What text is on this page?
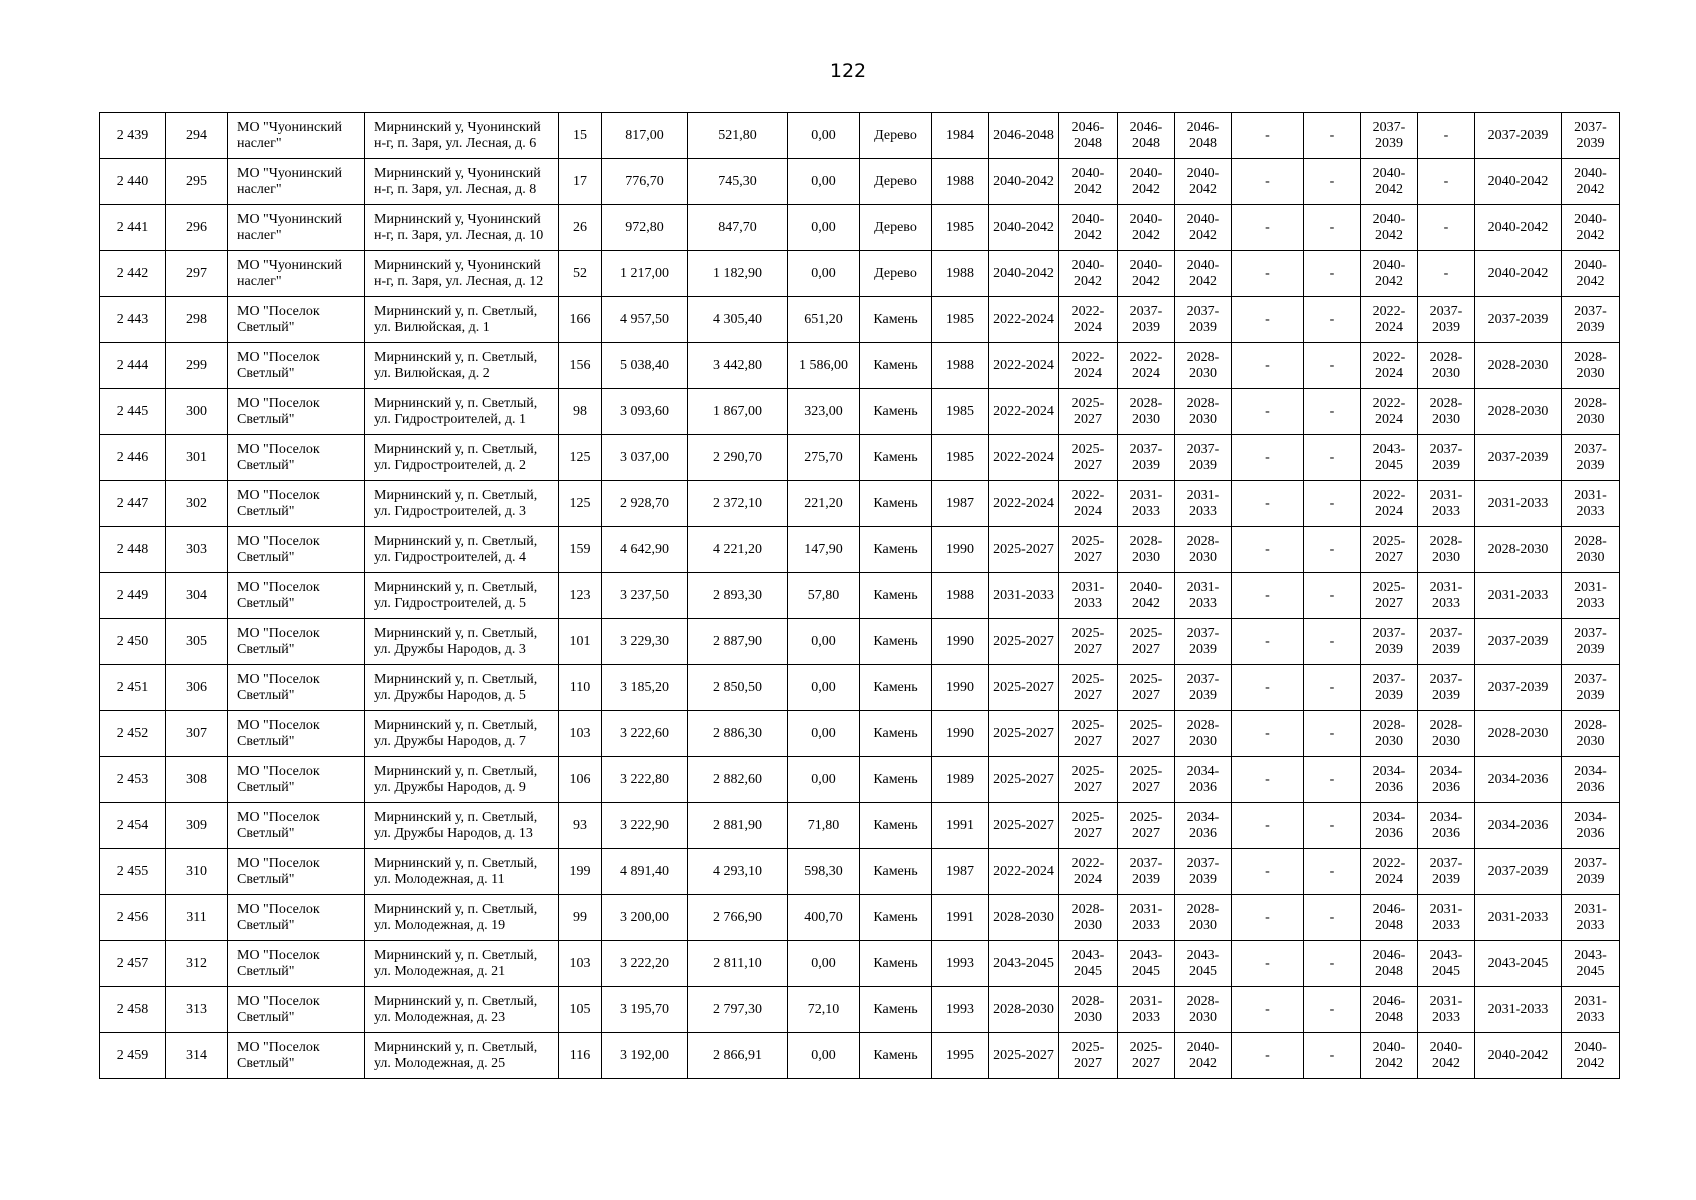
122
2 439	294	МО "Чуонинский наслег"	Мирнинский у, Чуонинский н-г, п. Заря, ул. Лесная, д. 6	15	817,00	521,80	0,00	Дерево	1984	2046-2048	2046-2048	2046-2048	2046-2048	-	-	2037-2039	-	2037-2039	2037-2039
2 440	295	МО "Чуонинский наслег"	Мирнинский у, Чуонинский н-г, п. Заря, ул. Лесная, д. 8	17	776,70	745,30	0,00	Дерево	1988	2040-2042	2040-2042	2040-2042	2040-2042	-	-	2040-2042	-	2040-2042	2040-2042
2 441	296	МО "Чуонинский наслег"	Мирнинский у, Чуонинский н-г, п. Заря, ул. Лесная, д. 10	26	972,80	847,70	0,00	Дерево	1985	2040-2042	2040-2042	2040-2042	2040-2042	-	-	2040-2042	-	2040-2042	2040-2042
2 442	297	МО "Чуонинский наслег"	Мирнинский у, Чуонинский н-г, п. Заря, ул. Лесная, д. 12	52	1 217,00	1 182,90	0,00	Дерево	1988	2040-2042	2040-2042	2040-2042	2040-2042	-	-	2040-2042	-	2040-2042	2040-2042
2 443	298	МО "Поселок Светлый"	Мирнинский у, п. Светлый, ул. Вилюйская, д. 1	166	4 957,50	4 305,40	651,20	Камень	1985	2022-2024	2022-2024	2037-2039	2037-2039	-	-	2022-2024	2037-2039	2037-2039	2037-2039
2 444	299	МО "Поселок Светлый"	Мирнинский у, п. Светлый, ул. Вилюйская, д. 2	156	5 038,40	3 442,80	1 586,00	Камень	1988	2022-2024	2022-2024	2022-2024	2028-2030	-	-	2022-2024	2028-2030	2028-2030	2028-2030
2 445	300	МО "Поселок Светлый"	Мирнинский у, п. Светлый, ул. Гидростроителей, д. 1	98	3 093,60	1 867,00	323,00	Камень	1985	2022-2024	2025-2027	2028-2030	2028-2030	-	-	2022-2024	2028-2030	2028-2030	2028-2030
2 446	301	МО "Поселок Светлый"	Мирнинский у, п. Светлый, ул. Гидростроителей, д. 2	125	3 037,00	2 290,70	275,70	Камень	1985	2022-2024	2025-2027	2037-2039	2037-2039	-	-	2043-2045	2037-2039	2037-2039	2037-2039
2 447	302	МО "Поселок Светлый"	Мирнинский у, п. Светлый, ул. Гидростроителей, д. 3	125	2 928,70	2 372,10	221,20	Камень	1987	2022-2024	2022-2024	2031-2033	2031-2033	-	-	2022-2024	2031-2033	2031-2033	2031-2033
2 448	303	МО "Поселок Светлый"	Мирнинский у, п. Светлый, ул. Гидростроителей, д. 4	159	4 642,90	4 221,20	147,90	Камень	1990	2025-2027	2025-2027	2028-2030	2028-2030	-	-	2025-2027	2028-2030	2028-2030	2028-2030
2 449	304	МО "Поселок Светлый"	Мирнинский у, п. Светлый, ул. Гидростроителей, д. 5	123	3 237,50	2 893,30	57,80	Камень	1988	2031-2033	2031-2033	2040-2042	2031-2033	-	-	2025-2027	2031-2033	2031-2033	2031-2033
2 450	305	МО "Поселок Светлый"	Мирнинский у, п. Светлый, ул. Дружбы Народов, д. 3	101	3 229,30	2 887,90	0,00	Камень	1990	2025-2027	2025-2027	2025-2027	2037-2039	-	-	2037-2039	2037-2039	2037-2039	2037-2039
2 451	306	МО "Поселок Светлый"	Мирнинский у, п. Светлый, ул. Дружбы Народов, д. 5	110	3 185,20	2 850,50	0,00	Камень	1990	2025-2027	2025-2027	2025-2027	2037-2039	-	-	2037-2039	2037-2039	2037-2039	2037-2039
2 452	307	МО "Поселок Светлый"	Мирнинский у, п. Светлый, ул. Дружбы Народов, д. 7	103	3 222,60	2 886,30	0,00	Камень	1990	2025-2027	2025-2027	2025-2027	2028-2030	-	-	2028-2030	2028-2030	2028-2030	2028-2030
2 453	308	МО "Поселок Светлый"	Мирнинский у, п. Светлый, ул. Дружбы Народов, д. 9	106	3 222,80	2 882,60	0,00	Камень	1989	2025-2027	2025-2027	2025-2027	2034-2036	-	-	2034-2036	2034-2036	2034-2036	2034-2036
2 454	309	МО "Поселок Светлый"	Мирнинский у, п. Светлый, ул. Дружбы Народов, д. 13	93	3 222,90	2 881,90	71,80	Камень	1991	2025-2027	2025-2027	2025-2027	2034-2036	-	-	2034-2036	2034-2036	2034-2036	2034-2036
2 455	310	МО "Поселок Светлый"	Мирнинский у, п. Светлый, ул. Молодежная, д. 11	199	4 891,40	4 293,10	598,30	Камень	1987	2022-2024	2022-2024	2037-2039	2037-2039	-	-	2022-2024	2037-2039	2037-2039	2037-2039
2 456	311	МО "Поселок Светлый"	Мирнинский у, п. Светлый, ул. Молодежная, д. 19	99	3 200,00	2 766,90	400,70	Камень	1991	2028-2030	2028-2030	2031-2033	2028-2030	-	-	2046-2048	2031-2033	2031-2033	2031-2033
2 457	312	МО "Поселок Светлый"	Мирнинский у, п. Светлый, ул. Молодежная, д. 21	103	3 222,20	2 811,10	0,00	Камень	1993	2043-2045	2043-2045	2043-2045	2043-2045	-	-	2046-2048	2043-2045	2043-2045	2043-2045
2 458	313	МО "Поселок Светлый"	Мирнинский у, п. Светлый, ул. Молодежная, д. 23	105	3 195,70	2 797,30	72,10	Камень	1993	2028-2030	2028-2030	2031-2033	2028-2030	-	-	2046-2048	2031-2033	2031-2033	2031-2033
2 459	314	МО "Поселок Светлый"	Мирнинский у, п. Светлый, ул. Молодежная, д. 25	116	3 192,00	2 866,91	0,00	Камень	1995	2025-2027	2025-2027	2025-2027	2040-2042	-	-	2040-2042	2040-2042	2040-2042	2040-2042
